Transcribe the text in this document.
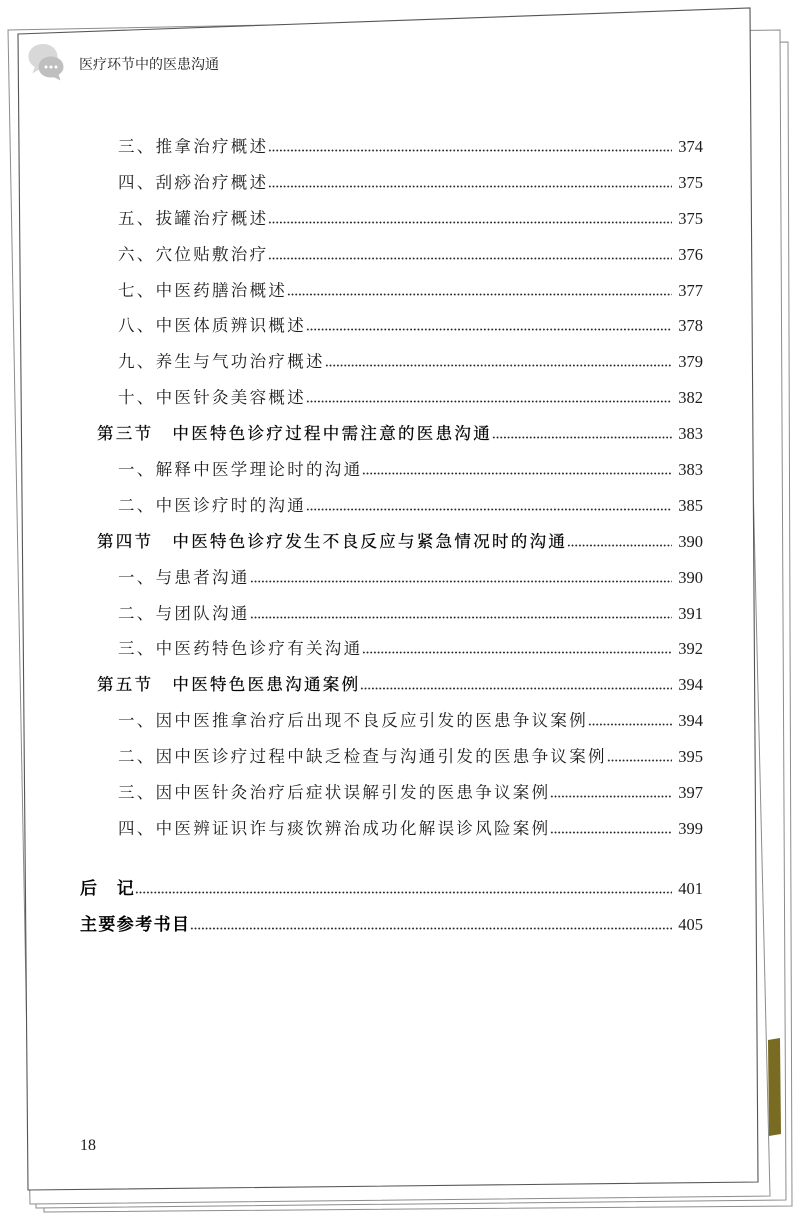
医疗环节中的医患沟通
三、推拿治疗概述	374
四、刮痧治疗概述	375
五、拔罐治疗概述	375
六、穴位贴敷治疗	376
七、中医药膳治概述	377
八、中医体质辨识概述	378
九、养生与气功治疗概述	379
十、中医针灸美容概述	382
第三节 中医特色诊疗过程中需注意的医患沟通	383
一、解释中医学理论时的沟通	383
二、中医诊疗时的沟通	385
第四节 中医特色诊疗发生不良反应与紧急情况时的沟通	390
一、与患者沟通	390
二、与团队沟通	391
三、中医药特色诊疗有关沟通	392
第五节 中医特色医患沟通案例	394
一、因中医推拿治疗后出现不良反应引发的医患争议案例	394
二、因中医诊疗过程中缺乏检查与沟通引发的医患争议案例	395
三、因中医针灸治疗后症状误解引发的医患争议案例	397
四、中医辨证识诈与痰饮辨治成功化解误诊风险案例	399
后　记	401
主要参考书目	405
18
